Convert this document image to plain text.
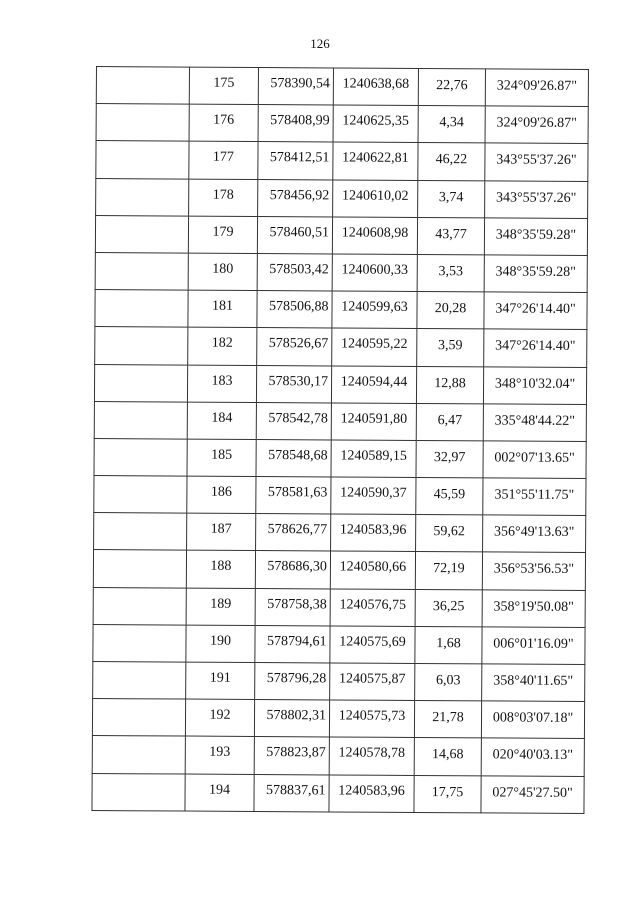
126

	175	578390,54	1240638,68	22,76	324°09'26.87"

	176	578408,99	1240625,35	4,34	324°09'26.87"

	177	578412,51	1240622,81	46,22	343°55'37.26"

	178	578456,92	1240610,02	3,74	343°55'37.26"

	179	578460,51	1240608,98	43,77	348°35'59.28"

	180	578503,42	1240600,33	3,53	348°35'59.28"

	181	578506,88	1240599,63	20,28	347°26'14.40"

	182	578526,67	1240595,22	3,59	347°26'14.40"

	183	578530,17	1240594,44	12,88	348°10'32.04"

	184	578542,78	1240591,80	6,47	335°48'44.22"

	185	578548,68	1240589,15	32,97	002°07'13.65"

	186	578581,63	1240590,37	45,59	351°55'11.75"

	187	578626,77	1240583,96	59,62	356°49'13.63"

	188	578686,30	1240580,66	72,19	356°53'56.53"

	189	578758,38	1240576,75	36,25	358°19'50.08"

	190	578794,61	1240575,69	1,68	006°01'16.09"

	191	578796,28	1240575,87	6,03	358°40'11.65"

	192	578802,31	1240575,73	21,78	008°03'07.18"

	193	578823,87	1240578,78	14,68	020°40'03.13"

	194	578837,61	1240583,96	17,75	027°45'27.50"
